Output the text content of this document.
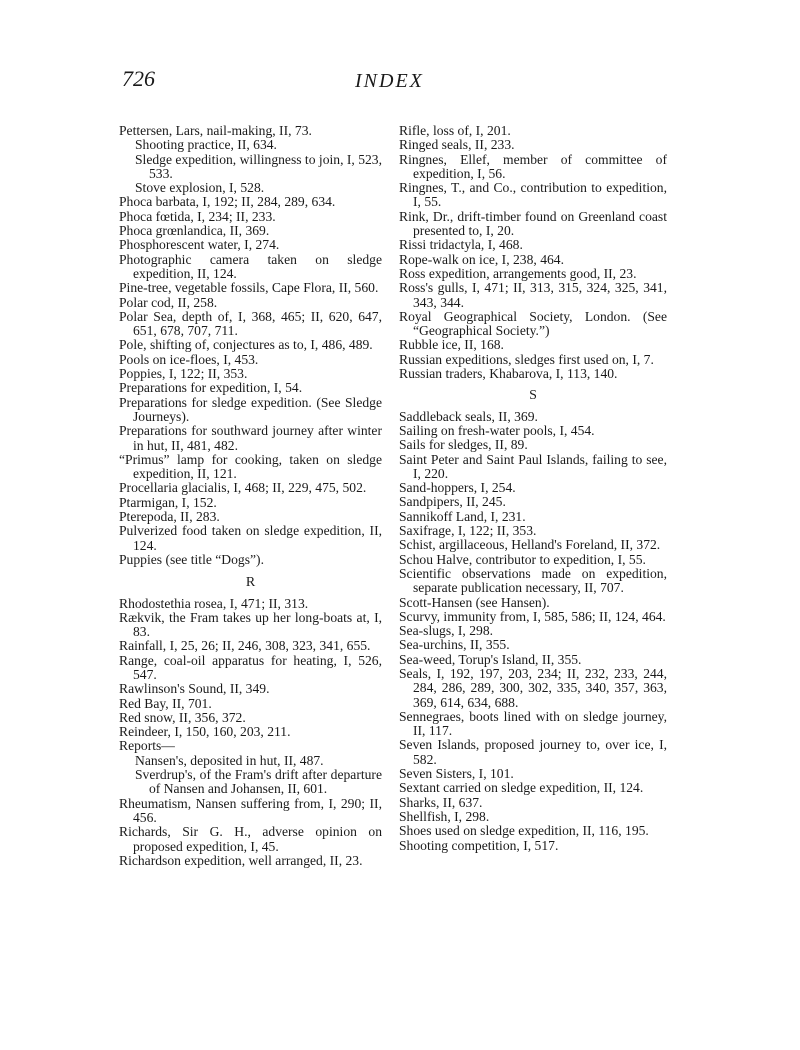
726	INDEX
Pettersen, Lars, nail-making, II, 73.
Shooting practice, II, 634.
Sledge expedition, willingness to join, I, 523, 533.
Stove explosion, I, 528.
Phoca barbata, I, 192; II, 284, 289, 634.
Phoca fœtida, I, 234; II, 233.
Phoca grœnlandica, II, 369.
Phosphorescent water, I, 274.
Photographic camera taken on sledge expedition, II, 124.
Pine-tree, vegetable fossils, Cape Flora, II, 560.
Polar cod, II, 258.
Polar Sea, depth of, I, 368, 465; II, 620, 647, 651, 678, 707, 711.
Pole, shifting of, conjectures as to, I, 486, 489.
Pools on ice-floes, I, 453.
Poppies, I, 122; II, 353.
Preparations for expedition, I, 54.
Preparations for sledge expedition. (See Sledge Journeys).
Preparations for southward journey after winter in hut, II, 481, 482.
“Primus” lamp for cooking, taken on sledge expedition, II, 121.
Procellaria glacialis, I, 468; II, 229, 475, 502.
Ptarmigan, I, 152.
Pterepoda, II, 283.
Pulverized food taken on sledge expedition, II, 124.
Puppies (see title “Dogs”).
R
Rhodostethia rosea, I, 471; II, 313.
Rækvik, the Fram takes up her long-boats at, I, 83.
Rainfall, I, 25, 26; II, 246, 308, 323, 341, 655.
Range, coal-oil apparatus for heating, I, 526, 547.
Rawlinson's Sound, II, 349.
Red Bay, II, 701.
Red snow, II, 356, 372.
Reindeer, I, 150, 160, 203, 211.
Reports—
Nansen's, deposited in hut, II, 487.
Sverdrup's, of the Fram's drift after departure of Nansen and Johansen, II, 601.
Rheumatism, Nansen suffering from, I, 290; II, 456.
Richards, Sir G. H., adverse opinion on proposed expedition, I, 45.
Richardson expedition, well arranged, II, 23.
Rifle, loss of, I, 201.
Ringed seals, II, 233.
Ringnes, Ellef, member of committee of expedition, I, 56.
Ringnes, T., and Co., contribution to expedition, I, 55.
Rink, Dr., drift-timber found on Greenland coast presented to, I, 20.
Rissi tridactyla, I, 468.
Rope-walk on ice, I, 238, 464.
Ross expedition, arrangements good, II, 23.
Ross's gulls, I, 471; II, 313, 315, 324, 325, 341, 343, 344.
Royal Geographical Society, London. (See “Geographical Society.”)
Rubble ice, II, 168.
Russian expeditions, sledges first used on, I, 7.
Russian traders, Khabarova, I, 113, 140.
S
Saddleback seals, II, 369.
Sailing on fresh-water pools, I, 454.
Sails for sledges, II, 89.
Saint Peter and Saint Paul Islands, failing to see, I, 220.
Sand-hoppers, I, 254.
Sandpipers, II, 245.
Sannikoff Land, I, 231.
Saxifrage, I, 122; II, 353.
Schist, argillaceous, Helland's Foreland, II, 372.
Schou Halve, contributor to expedition, I, 55.
Scientific observations made on expedition, separate publication necessary, II, 707.
Scott-Hansen (see Hansen).
Scurvy, immunity from, I, 585, 586; II, 124, 464.
Sea-slugs, I, 298.
Sea-urchins, II, 355.
Sea-weed, Torup's Island, II, 355.
Seals, I, 192, 197, 203, 234; II, 232, 233, 244, 284, 286, 289, 300, 302, 335, 340, 357, 363, 369, 614, 634, 688.
Sennegraes, boots lined with on sledge journey, II, 117.
Seven Islands, proposed journey to, over ice, I, 582.
Seven Sisters, I, 101.
Sextant carried on sledge expedition, II, 124.
Sharks, II, 637.
Shellfish, I, 298.
Shoes used on sledge expedition, II, 116, 195.
Shooting competition, I, 517.
